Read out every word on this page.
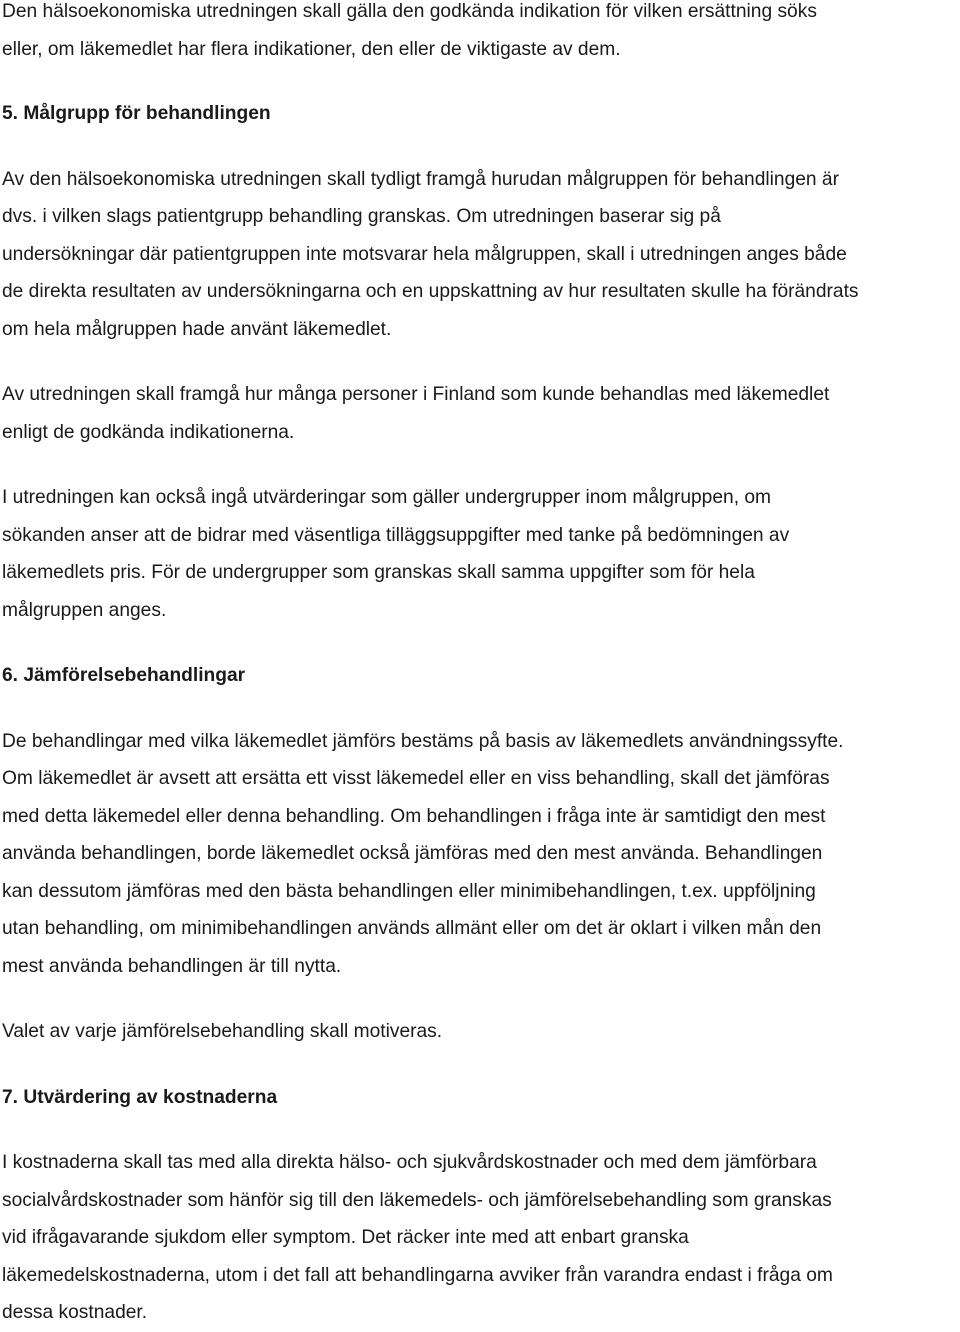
Den hälsoekonomiska utredningen skall gälla den godkända indikation för vilken ersättning söks
eller, om läkemedlet har flera indikationer, den eller de viktigaste av dem.

5. Målgrupp för behandlingen

Av den hälsoekonomiska utredningen skall tydligt framgå hurudan målgruppen för behandlingen är
dvs. i vilken slags patientgrupp behandling granskas. Om utredningen baserar sig på
undersökningar där patientgruppen inte motsvarar hela målgruppen, skall i utredningen anges både
de direkta resultaten av undersökningarna och en uppskattning av hur resultaten skulle ha förändrats
om hela målgruppen hade använt läkemedlet.

Av utredningen skall framgå hur många personer i Finland som kunde behandlas med läkemedlet
enligt de godkända indikationerna.

I utredningen kan också ingå utvärderingar som gäller undergrupper inom målgruppen, om
sökanden anser att de bidrar med väsentliga tilläggsuppgifter med tanke på bedömningen av
läkemedlets pris. För de undergrupper som granskas skall samma uppgifter som för hela
målgruppen anges.

6. Jämförelsebehandlingar

De behandlingar med vilka läkemedlet jämförs bestäms på basis av läkemedlets användningssyfte.
Om läkemedlet är avsett att ersätta ett visst läkemedel eller en viss behandling, skall det jämföras
med detta läkemedel eller denna behandling. Om behandlingen i fråga inte är samtidigt den mest
använda behandlingen, borde läkemedlet också jämföras med den mest använda. Behandlingen
kan dessutom jämföras med den bästa behandlingen eller minimibehandlingen, t.ex. uppföljning
utan behandling, om minimibehandlingen används allmänt eller om det är oklart i vilken mån den
mest använda behandlingen är till nytta.

Valet av varje jämförelsebehandling skall motiveras.

7. Utvärdering av kostnaderna

I kostnaderna skall tas med alla direkta hälso- och sjukvårdskostnader och med dem jämförbara
socialvårdskostnader som hänför sig till den läkemedels- och jämförelsebehandling som granskas
vid ifrågavarande sjukdom eller symptom. Det räcker inte med att enbart granska
läkemedelskostnaderna, utom i det fall att behandlingarna avviker från varandra endast i fråga om
dessa kostnader.
